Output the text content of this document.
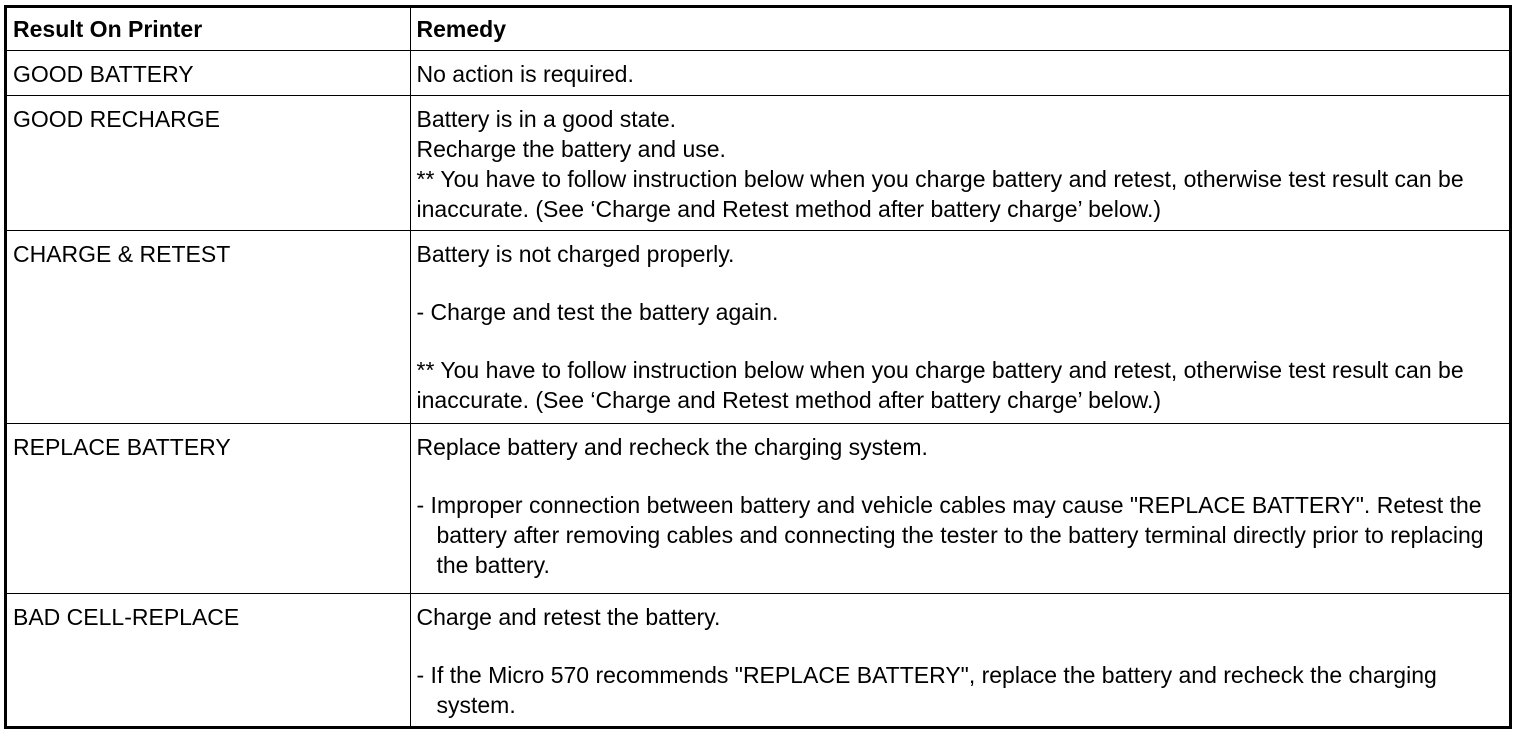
Result On Printer	Remedy
GOOD BATTERY	No action is required.

GOOD RECHARGE	Battery is in a good state.
Recharge the battery and use.
** You have to follow instruction below when you charge battery and retest, otherwise test result can be inaccurate. (See ‘Charge and Retest method after battery charge’ below.)

CHARGE & RETEST	Battery is not charged properly.
- Charge and test the battery again.
** You have to follow instruction below when you charge battery and retest, otherwise test result can be inaccurate. (See ‘Charge and Retest method after battery charge’ below.)

REPLACE BATTERY	Replace battery and recheck the charging system.
- Improper connection between battery and vehicle cables may cause "REPLACE BATTERY". Retest the battery after removing cables and connecting the tester to the battery terminal directly prior to replacing the battery.

BAD CELL-REPLACE	Charge and retest the battery.
- If the Micro 570 recommends "REPLACE BATTERY", replace the battery and recheck the charging system.
